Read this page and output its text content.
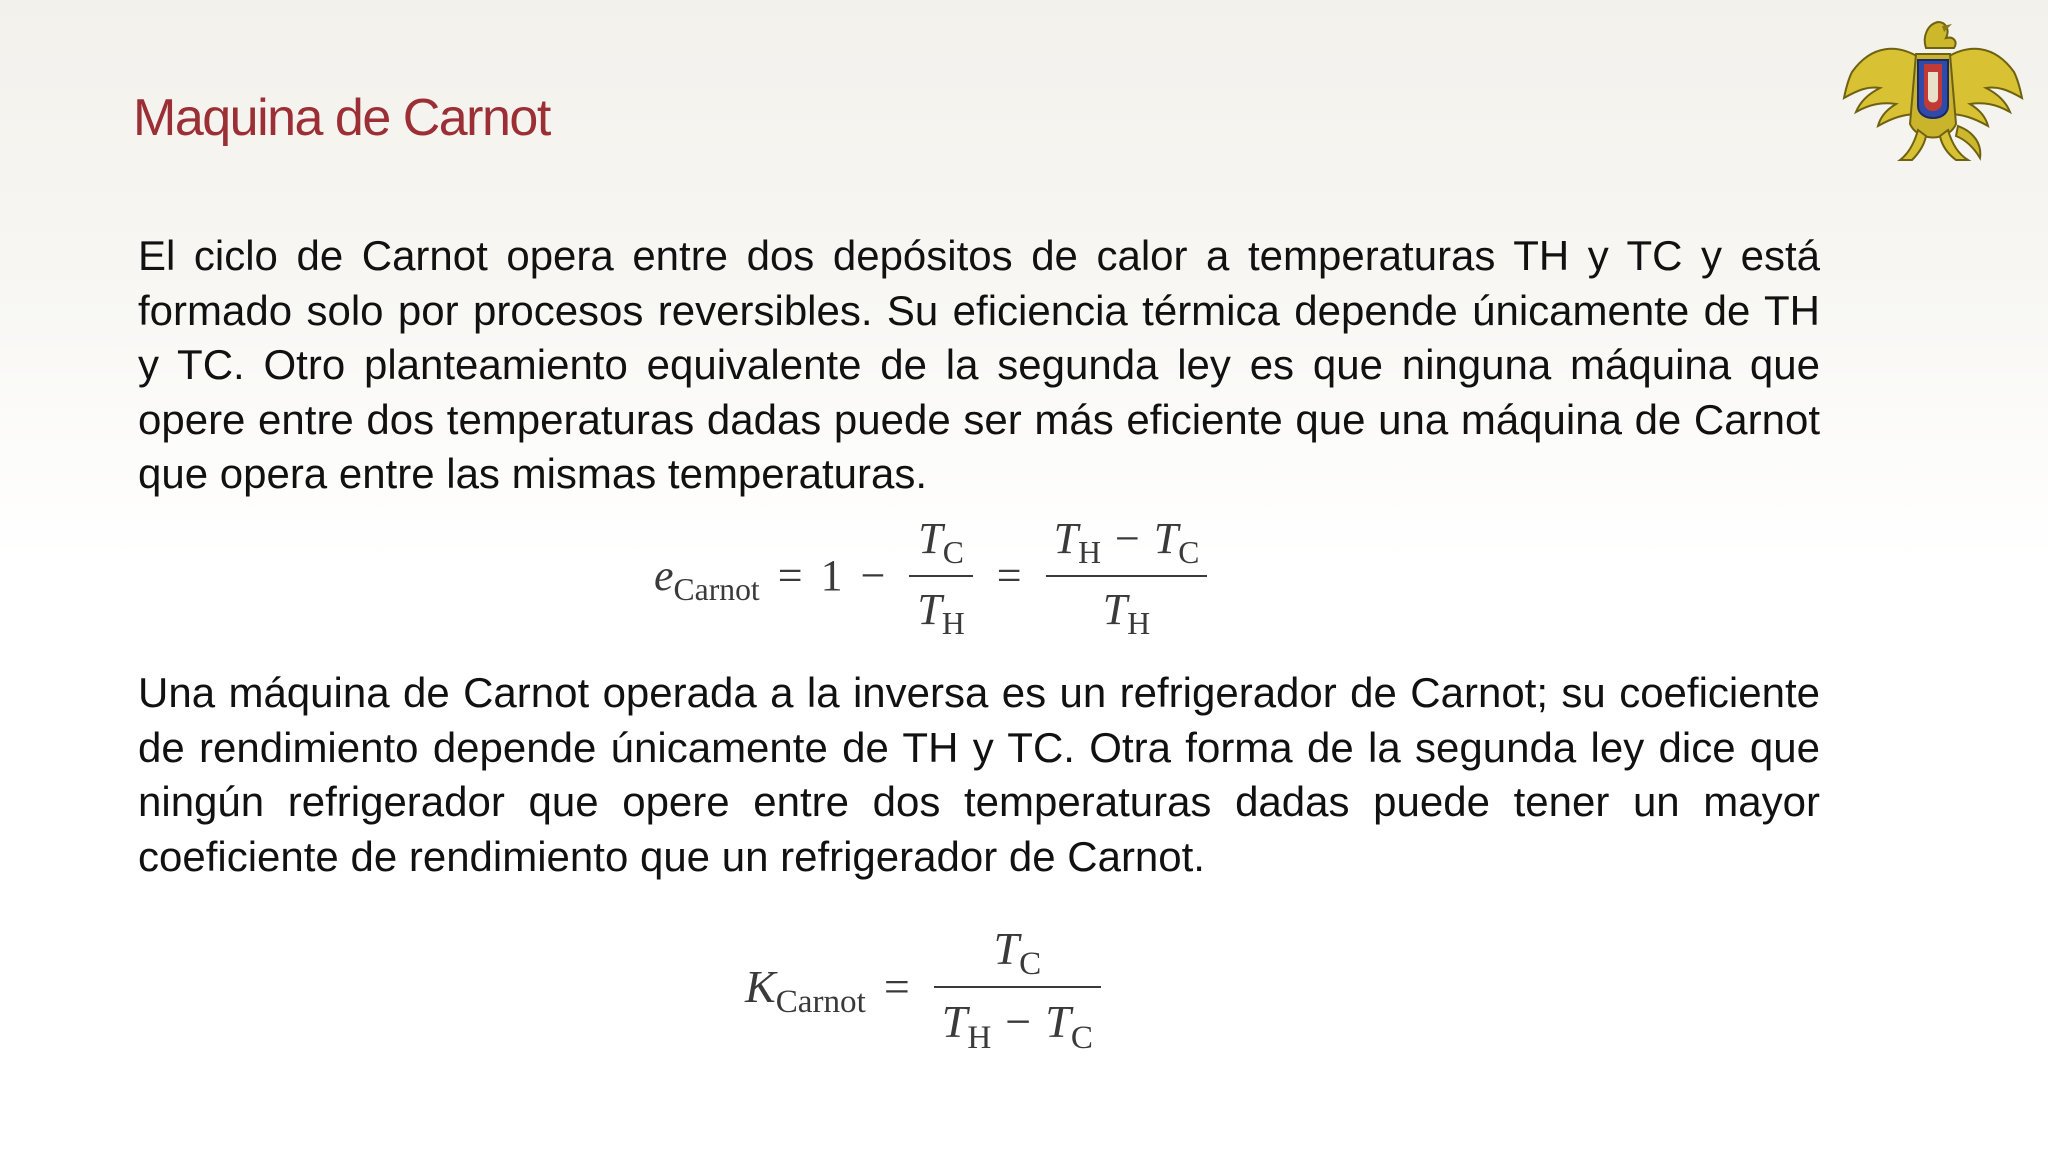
Maquina de Carnot

El ciclo de Carnot opera entre dos depósitos de calor a temperaturas TH y TC y está formado solo por procesos reversibles. Su eficiencia térmica depende únicamente de TH y TC. Otro planteamiento equivalente de la segunda ley es que ninguna máquina que opere entre dos temperaturas dadas puede ser más eficiente que una máquina de Carnot que opera entre las mismas temperaturas.

$e_{Carnot} = 1 - \frac{\text{T C}}{\text{T H}} = \frac{\text{T H − T C}}{\text{T H}}$

Una máquina de Carnot operada a la inversa es un refrigerador de Carnot; su coeficiente de rendimiento depende únicamente de TH y TC. Otra forma de la segunda ley dice que ningún refrigerador que opere entre dos temperaturas dadas puede tener un mayor coeficiente de rendimiento que un refrigerador de Carnot.

$K_{Carnot} = \frac{\text{T C}}{\text{T H − T C}}$
